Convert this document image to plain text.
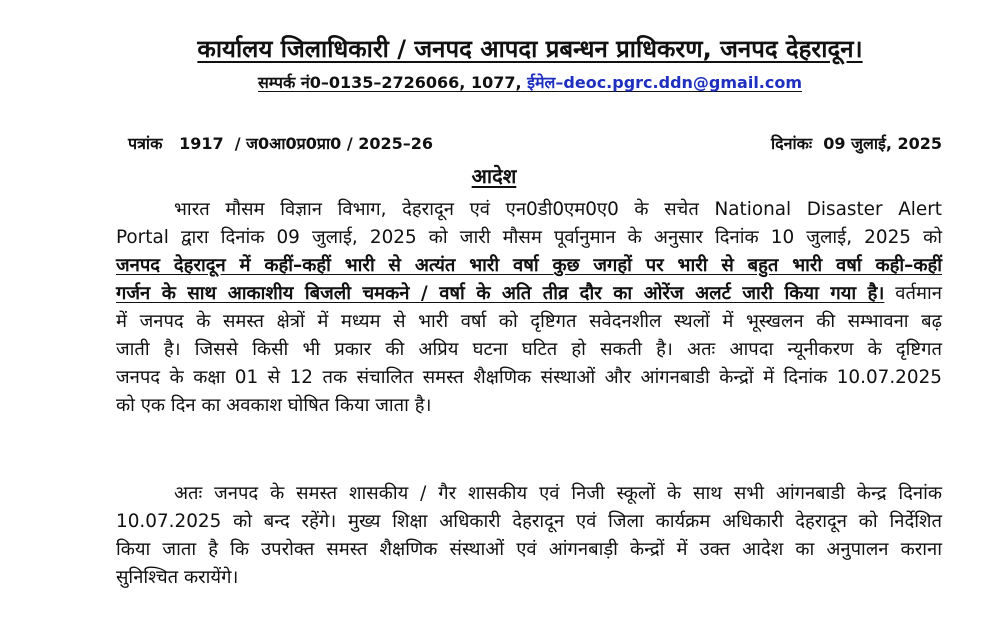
कार्यालय जिलाधिकारी / जनपद आपदा प्रबन्धन प्राधिकरण, जनपद देहरादून।
सम्पर्क नं0–0135–2726066, 1077, ईमेल–deoc.pgrc.ddn@gmail.com
पत्रांक   1917  / ज0आ0प्र0प्रा0 / 2025–26	दिनांकः  09 जुलाई, 2025
आदेश

भारत मौसम विज्ञान विभाग, देहरादून एवं एन0डी0एम0ए0 के सचेत National Disaster Alert
Portal द्वारा दिनांक 09 जुलाई, 2025 को जारी मौसम पूर्वानुमान के अनुसार दिनांक 10 जुलाई, 2025 को
जनपद देहरादून में कहीं–कहीं भारी से अत्यंत भारी वर्षा कुछ जगहों पर भारी से बहुत भारी वर्षा कही–कहीं
गर्जन के साथ आकाशीय बिजली चमकने / वर्षा के अति तीव्र दौर का ओरेंज अलर्ट जारी किया गया है। वर्तमान
में जनपद के समस्त क्षेत्रों में मध्यम से भारी वर्षा को दृष्टिगत सवेदनशील स्थलों में भूस्खलन की सम्भावना बढ़
जाती है। जिससे किसी भी प्रकार की अप्रिय घटना घटित हो सकती है। अतः आपदा न्यूनीकरण के दृष्टिगत
जनपद के कक्षा 01 से 12 तक संचालित समस्त शैक्षणिक संस्थाओं और आंगनबाडी केन्द्रों में दिनांक 10.07.2025
को एक दिन का अवकाश घोषित किया जाता है।

अतः जनपद के समस्त शासकीय / गैर शासकीय एवं निजी स्कूलों के साथ सभी आंगनबाडी केन्द्र दिनांक
10.07.2025 को बन्द रहेंगे। मुख्य शिक्षा अधिकारी देहरादून एवं जिला कार्यक्रम अधिकारी देहरादून को निर्देशित
किया जाता है कि उपरोक्त समस्त शैक्षणिक संस्थाओं एवं आंगनबाड़ी केन्द्रों में उक्त आदेश का अनुपालन कराना
सुनिश्चित करायेंगे।
